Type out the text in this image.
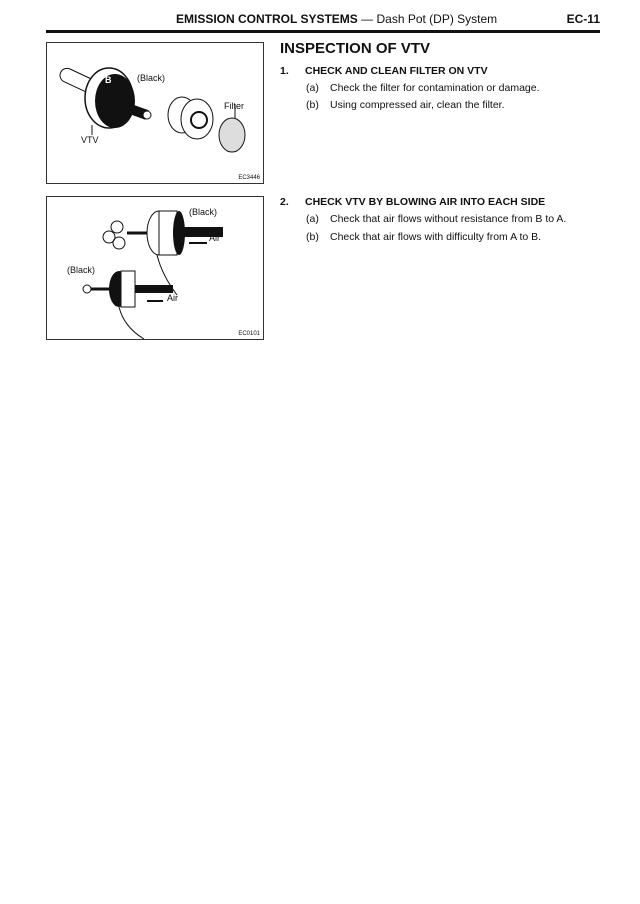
EMISSION CONTROL SYSTEMS — Dash Pot (DP) System	EC-11
B	(Black)
Filter
VTV
EC3446
(Black)
Air
(Black)
Air
EC0101
INSPECTION OF VTV
1. CHECK AND CLEAN FILTER ON VTV
(a) Check the filter for contamination or damage.
(b) Using compressed air, clean the filter.
2. CHECK VTV BY BLOWING AIR INTO EACH SIDE
(a) Check that air flows without resistance from B to A.
(b) Check that air flows with difficulty from A to B.
